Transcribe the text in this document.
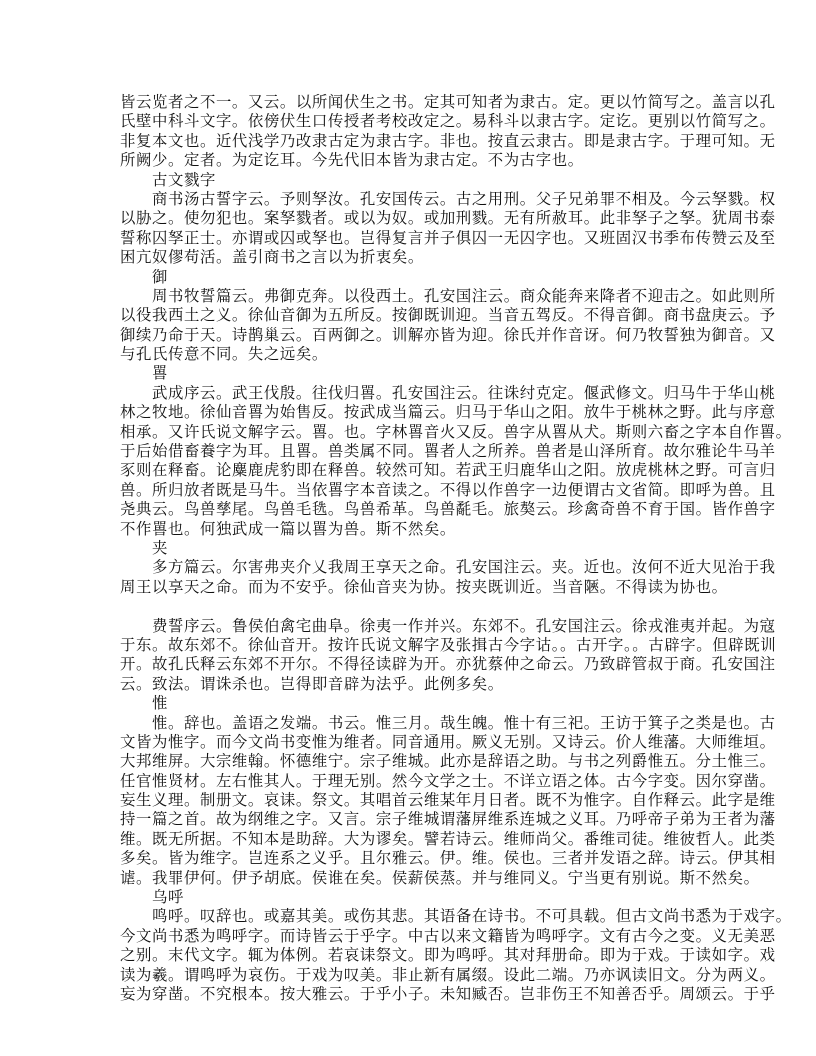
皆云览者之不一。又云。以所闻伏生之书。定其可知者为隶古。定。更以竹简写之。盖言以孔
氏壁中科斗文字。依傍伏生口传授者考校改定之。易科斗以隶古字。定讫。更别以竹简写之。
非复本文也。近代浅学乃改隶古定为隶古字。非也。按直云隶古。即是隶古字。于理可知。无
所阙少。定者。为定讫耳。今先代旧本皆为隶古定。不为古字也。
古文戮字
商书汤古誓字云。予则孥汝。孔安国传云。古之用刑。父子兄弟罪不相及。今云孥戮。权
以胁之。使勿犯也。案孥戮者。或以为奴。或加刑戮。无有所赦耳。此非孥子之孥。犹周书泰
誓称囚孥正士。亦谓或囚或孥也。岂得复言并子俱囚一无囚字也。又班固汉书季布传赞云及至
困亢奴僇苟活。盖引商书之言以为折衷矣。
御
周书牧誓篇云。弗御克奔。以役西土。孔安国注云。商众能奔来降者不迎击之。如此则所
以役我西土之义。徐仙音御为五所反。按御既训迎。当音五驾反。不得音御。商书盘庚云。予
御续乃命于天。诗鹊巢云。百两御之。训解亦皆为迎。徐氏并作音讶。何乃牧誓独为御音。又
与孔氏传意不同。失之远矣。
嘼
武成序云。武王伐殷。往伐归嘼。孔安国注云。往诛纣克定。偃武修文。归马牛于华山桃
林之牧地。徐仙音嘼为始售反。按武成当篇云。归马于华山之阳。放牛于桃林之野。此与序意
相承。又许氏说文解字云。嘼。也。字林嘼音火又反。兽字从嘼从犬。斯则六畜之字本自作嘼。
于后始借畜養字为耳。且嘼。兽类属不同。嘼者人之所养。兽者是山泽所育。故尔雅论牛马羊
豕则在释畜。论麋鹿虎豹即在释兽。较然可知。若武王归鹿华山之阳。放虎桃林之野。可言归
兽。所归放者既是马牛。当依嘼字本音读之。不得以作兽字一边便谓古文省简。即呼为兽。且
尧典云。鸟兽孳尾。鸟兽毛毨。鸟兽希革。鸟兽氄毛。旅獒云。珍禽奇兽不育于国。皆作兽字
不作嘼也。何独武成一篇以嘼为兽。斯不然矣。
夹
多方篇云。尔害弗夹介乂我周王享天之命。孔安国注云。夹。近也。汝何不近大见治于我
周王以享天之命。而为不安乎。徐仙音夹为协。按夹既训近。当音陿。不得读为协也。
费誓序云。鲁侯伯禽宅曲阜。徐夷一作并兴。东郊不。孔安国注云。徐戎淮夷并起。为寇
于东。故东郊不。徐仙音开。按许氏说文解字及张揖古今字诂。。古开字。。古辟字。但辟既训
开。故孔氏释云东郊不开尔。不得径读辟为开。亦犹蔡仲之命云。乃致辟管叔于商。孔安国注
云。致法。谓诛杀也。岂得即音辟为法乎。此例多矣。
惟
惟。辞也。盖语之发端。书云。惟三月。哉生魄。惟十有三祀。王访于箕子之类是也。古
文皆为惟字。而今文尚书变惟为维者。同音通用。厥义无别。又诗云。价人维藩。大师维垣。
大邦维屏。大宗维翰。怀德维宁。宗子维城。此亦是辞语之助。与书之列爵惟五。分土惟三。
任官惟贤材。左右惟其人。于理无别。然今文学之士。不详立语之体。古今字变。因尔穿凿。
妄生义理。制册文。哀诔。祭文。其唱首云维某年月日者。既不为惟字。自作释云。此字是维
持一篇之首。故为纲维之字。又言。宗子维城谓藩屏维系连城之义耳。乃呼帝子弟为王者为藩
维。既无所据。不知本是助辞。大为谬矣。譬若诗云。维师尚父。番维司徒。维彼哲人。此类
多矣。皆为维字。岂连系之义乎。且尔雅云。伊。维。侯也。三者并发语之辞。诗云。伊其相
谑。我罪伊何。伊予胡底。侯谁在矣。侯薪侯蒸。并与维同义。宁当更有别说。斯不然矣。
乌呼
鸣呼。叹辞也。或嘉其美。或伤其悲。其语备在诗书。不可具载。但古文尚书悉为于戏字。
今文尚书悉为鸣呼字。而诗皆云于乎字。中古以来文籍皆为鸣呼字。文有古今之变。义无美恶
之别。末代文字。辄为体例。若哀诔祭文。即为鸣呼。其对拜册命。即为于戏。于读如字。戏
读为羲。谓鸣呼为哀伤。于戏为叹美。非止新有属缀。设此二端。乃亦讽读旧文。分为两义。
妄为穿凿。不究根本。按大雅云。于乎小子。未知臧否。岂非伤王不知善否乎。周颂云。于乎
